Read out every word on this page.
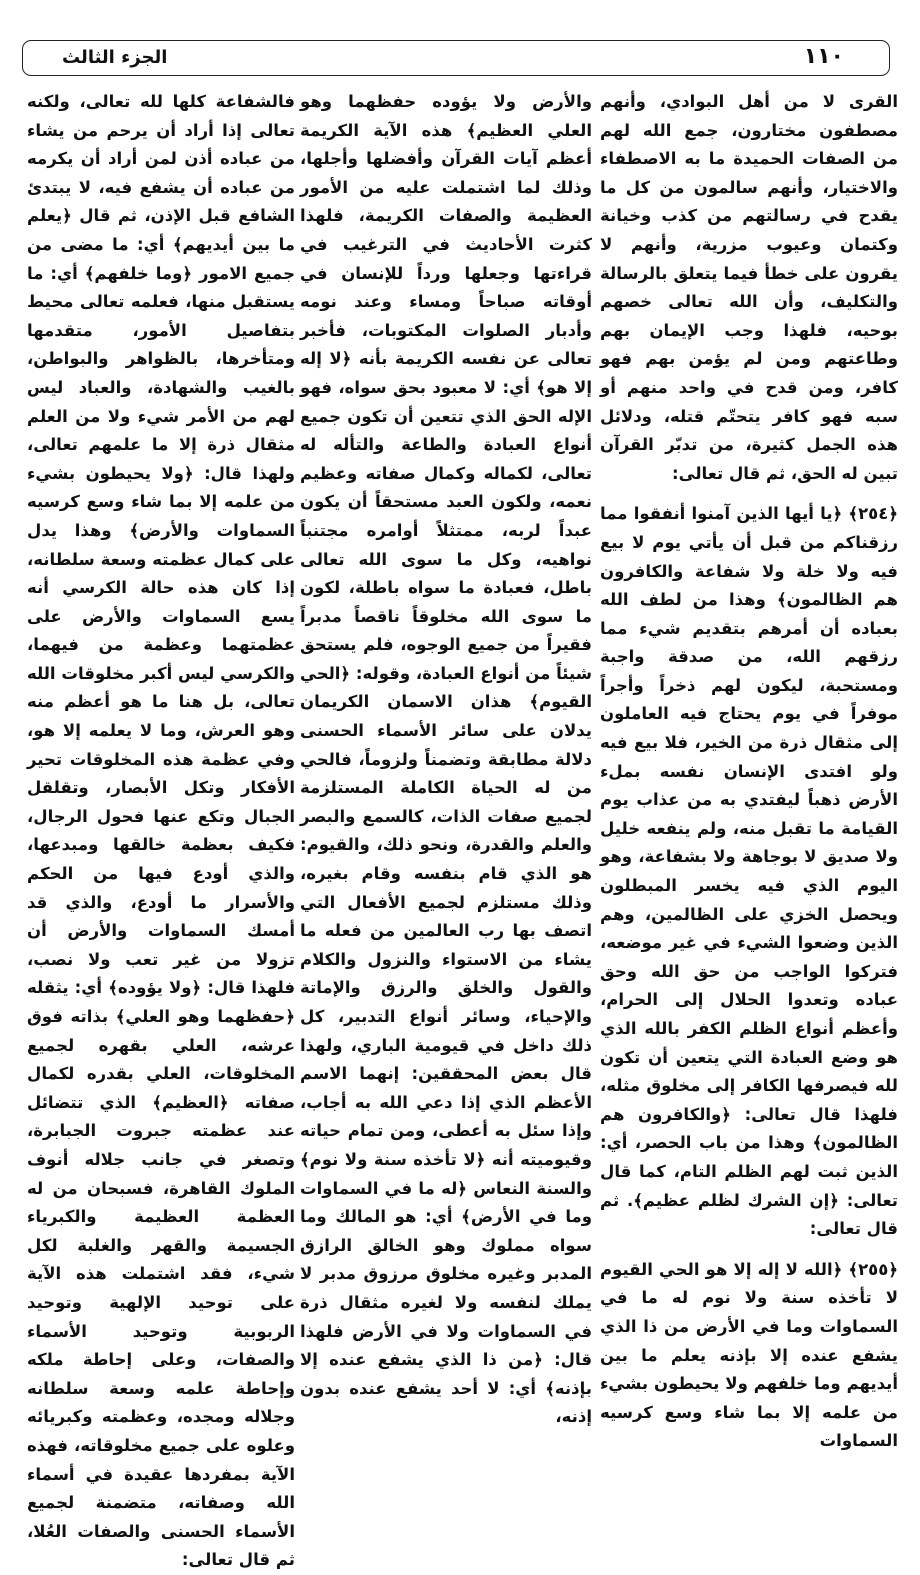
١١٠
الجزء الثالث

القرى لا من أهل البوادي، وأنهم مصطفون مختارون، جمع الله لهم من الصفات الحميدة ما به الاصطفاء والاختيار، وأنهم سالمون من كل ما يقدح في رسالتهم من كذب وخيانة وكتمان وعيوب مزرية، وأنهم لا يقرون على خطأ فيما يتعلق بالرسالة والتكليف، وأن الله تعالى خصهم بوحيه، فلهذا وجب الإيمان بهم وطاعتهم ومن لم يؤمن بهم فهو كافر، ومن قدح في واحد منهم أو سبه فهو كافر يتحتّم قتله، ودلائل هذه الجمل كثيرة، من تدبّر القرآن تبين له الحق، ثم قال تعالى:

﴿٢٥٤﴾ ﴿يا أيها الذين آمنوا أنفقوا مما رزقناكم من قبل أن يأتي يوم لا بيع فيه ولا خلة ولا شفاعة والكافرون هم الظالمون﴾ وهذا من لطف الله بعباده أن أمرهم بتقديم شيء مما رزقهم الله، من صدقة واجبة ومستحبة، ليكون لهم ذخراً وأجراً موفراً في يوم يحتاج فيه العاملون إلى مثقال ذرة من الخير، فلا بيع فيه ولو افتدى الإنسان نفسه بملء الأرض ذهباً ليفتدي به من عذاب يوم القيامة ما تقبل منه، ولم ينفعه خليل ولا صديق لا بوجاهة ولا بشفاعة، وهو اليوم الذي فيه يخسر المبطلون ويحصل الخزي على الظالمين، وهم الذين وضعوا الشيء في غير موضعه، فتركوا الواجب من حق الله وحق عباده وتعدوا الحلال إلى الحرام، وأعظم أنواع الظلم الكفر بالله الذي هو وضع العبادة التي يتعين أن تكون لله فيصرفها الكافر إلى مخلوق مثله، فلهذا قال تعالى: ﴿والكافرون هم الظالمون﴾ وهذا من باب الحصر، أي: الذين ثبت لهم الظلم التام، كما قال تعالى: ﴿إن الشرك لظلم عظيم﴾. ثم قال تعالى:

﴿٢٥٥﴾ ﴿الله لا إله إلا هو الحي القيوم لا تأخذه سنة ولا نوم له ما في السماوات وما في الأرض من ذا الذي يشفع عنده إلا بإذنه يعلم ما بين أيديهم وما خلفهم ولا يحيطون بشيء من علمه إلا بما شاء وسع كرسيه السماوات

والأرض ولا يؤوده حفظهما وهو العلي العظيم﴾ هذه الآية الكريمة أعظم آيات القرآن وأفضلها وأجلها، وذلك لما اشتملت عليه من الأمور العظيمة والصفات الكريمة، فلهذا كثرت الأحاديث في الترغيب في قراءتها وجعلها ورداً للإنسان في أوقاته صباحاً ومساء وعند نومه وأدبار الصلوات المكتوبات، فأخبر تعالى عن نفسه الكريمة بأنه ﴿لا إله إلا هو﴾ أي: لا معبود بحق سواه، فهو الإله الحق الذي تتعين أن تكون جميع أنواع العبادة والطاعة والتأله له تعالى، لكماله وكمال صفاته وعظيم نعمه، ولكون العبد مستحقاً أن يكون عبداً لربه، ممتثلاً أوامره مجتنباً نواهيه، وكل ما سوى الله تعالى باطل، فعبادة ما سواه باطلة، لكون ما سوى الله مخلوقاً ناقصاً مدبراً فقيراً من جميع الوجوه، فلم يستحق شيئاً من أنواع العبادة، وقوله: ﴿الحي القيوم﴾ هذان الاسمان الكريمان يدلان على سائر الأسماء الحسنى دلالة مطابقة وتضمناً ولزوماً، فالحي من له الحياة الكاملة المستلزمة لجميع صفات الذات، كالسمع والبصر والعلم والقدرة، ونحو ذلك، والقيوم: هو الذي قام بنفسه وقام بغيره، وذلك مستلزم لجميع الأفعال التي اتصف بها رب العالمين من فعله ما يشاء من الاستواء والنزول والكلام والقول والخلق والرزق والإماتة والإحياء، وسائر أنواع التدبير، كل ذلك داخل في قيومية الباري، ولهذا قال بعض المحققين: إنهما الاسم الأعظم الذي إذا دعي الله به أجاب، وإذا سئل به أعطى، ومن تمام حياته وقيوميته أنه ﴿لا تأخذه سنة ولا نوم﴾ والسنة النعاس ﴿له ما في السماوات وما في الأرض﴾ أي: هو المالك وما سواه مملوك وهو الخالق الرازق المدبر وغيره مخلوق مرزوق مدبر لا يملك لنفسه ولا لغيره مثقال ذرة في السماوات ولا في الأرض فلهذا قال: ﴿من ذا الذي يشفع عنده إلا بإذنه﴾ أي: لا أحد يشفع عنده بدون إذنه،

فالشفاعة كلها لله تعالى، ولكنه تعالى إذا أراد أن يرحم من يشاء من عباده أذن لمن أراد أن يكرمه من عباده أن يشفع فيه، لا يبتدئ الشافع قبل الإذن، ثم قال ﴿يعلم ما بين أيديهم﴾ أي: ما مضى من جميع الامور ﴿وما خلفهم﴾ أي: ما يستقبل منها، فعلمه تعالى محيط بتفاصيل الأمور، متقدمها ومتأخرها، بالظواهر والبواطن، بالغيب والشهادة، والعباد ليس لهم من الأمر شيء ولا من العلم مثقال ذرة إلا ما علمهم تعالى، ولهذا قال: ﴿ولا يحيطون بشيء من علمه إلا بما شاء وسع كرسيه السماوات والأرض﴾ وهذا يدل على كمال عظمته وسعة سلطانه، إذا كان هذه حالة الكرسي أنه يسع السماوات والأرض على عظمتهما وعظمة من فيهما، والكرسي ليس أكبر مخلوقات الله تعالى، بل هنا ما هو أعظم منه وهو العرش، وما لا يعلمه إلا هو، وفي عظمة هذه المخلوقات تحير الأفكار وتكل الأبصار، وتقلقل الجبال وتكع عنها فحول الرجال، فكيف بعظمة خالقها ومبدعها، والذي أودع فيها من الحكم والأسرار ما أودع، والذي قد أمسك السماوات والأرض أن تزولا من غير تعب ولا نصب، فلهذا قال: ﴿ولا يؤوده﴾ أي: يثقله ﴿حفظهما وهو العلي﴾ بذاته فوق عرشه، العلي بقهره لجميع المخلوقات، العلي بقدره لكمال صفاته ﴿العظيم﴾ الذي تتضائل عند عظمته جبروت الجبابرة، وتصغر في جانب جلاله أنوف الملوك القاهرة، فسبحان من له العظمة العظيمة والكبرياء الجسيمة والقهر والغلبة لكل شيء، فقد اشتملت هذه الآية على توحيد الإلهية وتوحيد الربوبية وتوحيد الأسماء والصفات، وعلى إحاطة ملكه وإحاطة علمه وسعة سلطانه وجلاله ومجده، وعظمته وكبريائه وعلوه على جميع مخلوقاته، فهذه الآية بمفردها عقيدة في أسماء الله وصفاته، متضمنة لجميع الأسماء الحسنى والصفات العُلا، ثم قال تعالى:
